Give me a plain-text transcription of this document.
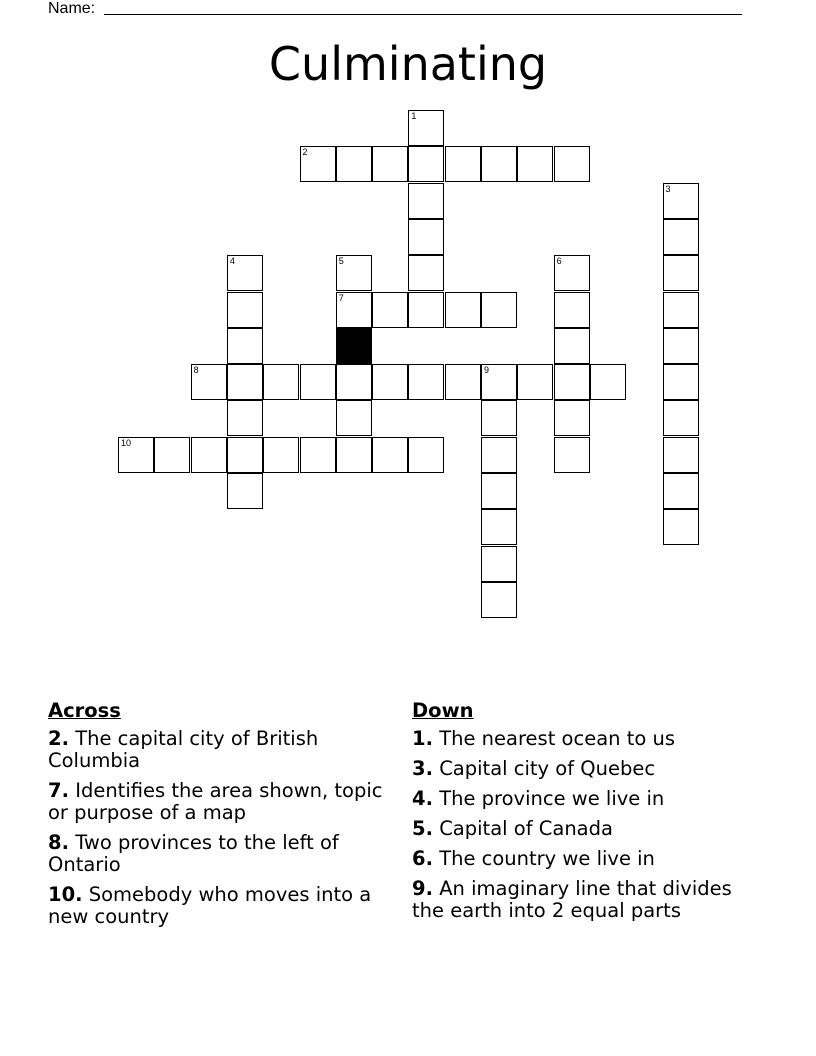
Name:
Culminating
1
2
3
4	5
7
6
8	9
10
Across
2. The capital city of British Columbia
7. Identifies the area shown, topic or purpose of a map
8. Two provinces to the left of Ontario
10. Somebody who moves into a new country
Down
1. The nearest ocean to us
3. Capital city of Quebec
4. The province we live in
5. Capital of Canada
6. The country we live in
9. An imaginary line that divides the earth into 2 equal parts
